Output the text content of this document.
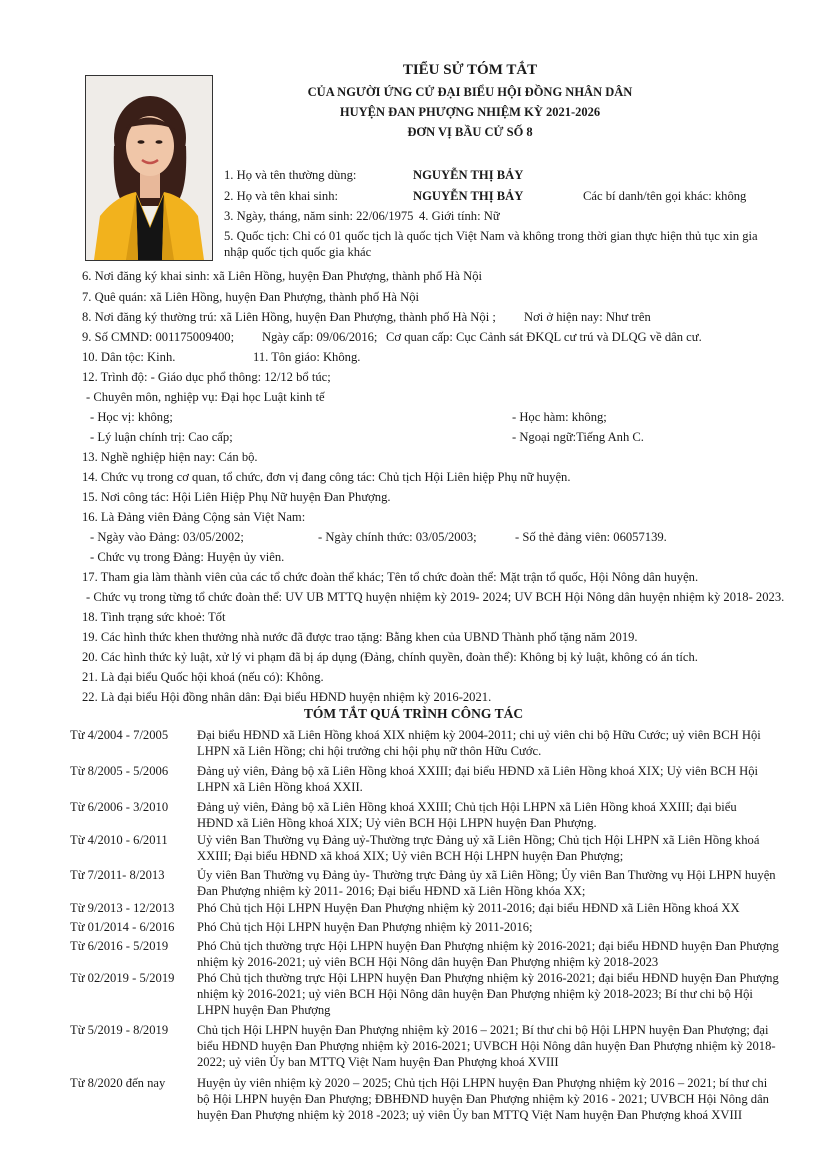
TIỂU SỬ TÓM TẮT
CỦA NGƯỜI ỨNG CỬ ĐẠI BIỂU HỘI ĐỒNG NHÂN DÂN
HUYỆN ĐAN PHƯỢNG NHIỆM KỲ 2021-2026
ĐƠN VỊ BẦU CỬ SỐ 8
1. Họ và tên thường dùng:	NGUYỄN THỊ BẢY
2. Họ và tên khai sinh:	NGUYỄN THỊ BẢY	Các bí danh/tên gọi khác: không
3. Ngày, tháng, năm sinh: 22/06/1975 4. Giới tính: Nữ
5. Quốc tịch: Chỉ có 01 quốc tịch là quốc tịch Việt Nam và không trong thời gian thực hiện thủ tục xin gia
nhập quốc tịch quốc gia khác
6. Nơi đăng ký khai sinh: xã Liên Hồng, huyện Đan Phượng, thành phố Hà Nội
7. Quê quán: xã Liên Hồng, huyện Đan Phượng, thành phố Hà Nội
8. Nơi đăng ký thường trú: xã Liên Hồng, huyện Đan Phượng, thành phố Hà Nội ; Nơi ở hiện nay: Như trên
9. Số CMND: 001175009400; Ngày cấp: 09/06/2016; Cơ quan cấp: Cục Cảnh sát ĐKQL cư trú và DLQG về dân cư.
10. Dân tộc: Kinh.	11. Tôn giáo: Không.
12. Trình độ: - Giáo dục phổ thông: 12/12 bổ túc;
- Chuyên môn, nghiệp vụ: Đại học Luật kinh tế
- Học vị: không;	- Học hàm: không;
- Lý luận chính trị: Cao cấp;	- Ngoại ngữ:Tiếng Anh C.
13. Nghề nghiệp hiện nay: Cán bộ.
14. Chức vụ trong cơ quan, tổ chức, đơn vị đang công tác: Chủ tịch Hội Liên hiệp Phụ nữ huyện.
15. Nơi công tác: Hội Liên Hiệp Phụ Nữ huyện Đan Phượng.
16. Là Đảng viên Đảng Cộng sản Việt Nam:
- Ngày vào Đảng: 03/05/2002;	- Ngày chính thức: 03/05/2003;	- Số thẻ đảng viên: 06057139.
- Chức vụ trong Đảng: Huyện ủy viên.
17. Tham gia làm thành viên của các tổ chức đoàn thể khác; Tên tổ chức đoàn thể: Mặt trận tổ quốc, Hội Nông dân huyện.
- Chức vụ trong từng tổ chức đoàn thể: UV UB MTTQ huyện nhiệm kỳ 2019- 2024; UV BCH Hội Nông dân huyện nhiệm kỳ 2018- 2023.
18. Tình trạng sức khoẻ: Tốt
19. Các hình thức khen thưởng nhà nước đã được trao tặng: Bằng khen của UBND Thành phố tặng năm 2019.
20. Các hình thức kỷ luật, xử lý vi phạm đã bị áp dụng (Đảng, chính quyền, đoàn thể): Không bị kỷ luật, không có án tích.
21. Là đại biểu Quốc hội khoá (nếu có): Không.
22. Là đại biểu Hội đồng nhân dân: Đại biểu HĐND huyện nhiệm kỳ 2016-2021.
TÓM TẮT QUÁ TRÌNH CÔNG TÁC
Từ 4/2004 - 7/2005 Đại biểu HĐND xã Liên Hồng khoá XIX nhiệm kỳ 2004-2011; chi uỷ viên chi bộ Hữu Cước; uỷ viên BCH Hội
LHPN xã Liên Hồng; chi hội trưởng chi hội phụ nữ thôn Hữu Cước.
Từ 8/2005 - 5/2006 Đảng uỷ viên, Đảng bộ xã Liên Hồng khoá XXIII; đại biểu HĐND xã Liên Hồng khoá XIX; Uỷ viên BCH Hội
LHPN xã Liên Hồng khoá XXII.
Từ 6/2006 - 3/2010 Đảng uỷ viên, Đảng bộ xã Liên Hồng khoá XXIII; Chủ tịch Hội LHPN xã Liên Hồng khoá XXIII; đại biểu
HĐND xã Liên Hồng khoá XIX; Uỷ viên BCH Hội LHPN huyện Đan Phượng.
Từ 4/2010 - 6/2011 Uỷ viên Ban Thường vụ Đảng uỷ-Thường trực Đảng uỷ xã Liên Hồng; Chủ tịch Hội LHPN xã Liên Hồng khoá
XXIII; Đại biểu HĐND xã khoá XIX; Uỷ viên BCH Hội LHPN huyện Đan Phượng;
Từ 7/2011- 8/2013	Ủy viên Ban Thường vụ Đảng ủy- Thường trực Đảng ủy xã Liên Hồng; Ủy viên Ban Thường vụ Hội LHPN huyện
Đan Phượng nhiệm kỳ 2011- 2016; Đại biểu HĐND xã Liên Hồng khóa XX;
Từ 9/2013 - 12/2013 Phó Chủ tịch Hội LHPN Huyện Đan Phượng nhiệm kỳ 2011-2016; đại biểu HĐND xã Liên Hồng khoá XX
Từ 01/2014 - 6/2016 Phó Chủ tịch Hội LHPN huyện Đan Phượng nhiệm kỳ 2011-2016;
Từ 6/2016 - 5/2019 Phó Chủ tịch thường trực Hội LHPN huyện Đan Phượng nhiệm kỳ 2016-2021; đại biểu HĐND huyện Đan Phượng
nhiệm kỳ 2016-2021; uỷ viên BCH Hội Nông dân huyện Đan Phượng nhiệm kỳ 2018-2023
Từ 02/2019 - 5/2019 Phó Chủ tịch thường trực Hội LHPN huyện Đan Phượng nhiệm kỳ 2016-2021; đại biểu HĐND huyện Đan Phượng
nhiệm kỳ 2016-2021; uỷ viên BCH Hội Nông dân huyện Đan Phượng nhiệm kỳ 2018-2023; Bí thư chi bộ Hội
LHPN huyện Đan Phượng
Từ 5/2019 - 8/2019 Chủ tịch Hội LHPN huyện Đan Phượng nhiệm kỳ 2016 – 2021; Bí thư chi bộ Hội LHPN huyện Đan Phượng; đại
biểu HĐND huyện Đan Phượng nhiệm kỳ 2016-2021; UVBCH Hội Nông dân huyện Đan Phượng nhiệm kỳ 2018-
2022; uỷ viên Ủy ban MTTQ Việt Nam huyện Đan Phượng khoá XVIII
Từ 8/2020 đến nay	Huyện ủy viên nhiệm kỳ 2020 – 2025; Chủ tịch Hội LHPN huyện Đan Phượng nhiệm kỳ 2016 – 2021; bí thư chi
bộ Hội LHPN huyện Đan Phượng; ĐBHĐND huyện Đan Phượng nhiệm kỳ 2016 - 2021; UVBCH Hội Nông dân
huyện Đan Phượng nhiệm kỳ 2018 -2023; uỷ viên Ủy ban MTTQ Việt Nam huyện Đan Phượng khoá XVIII
